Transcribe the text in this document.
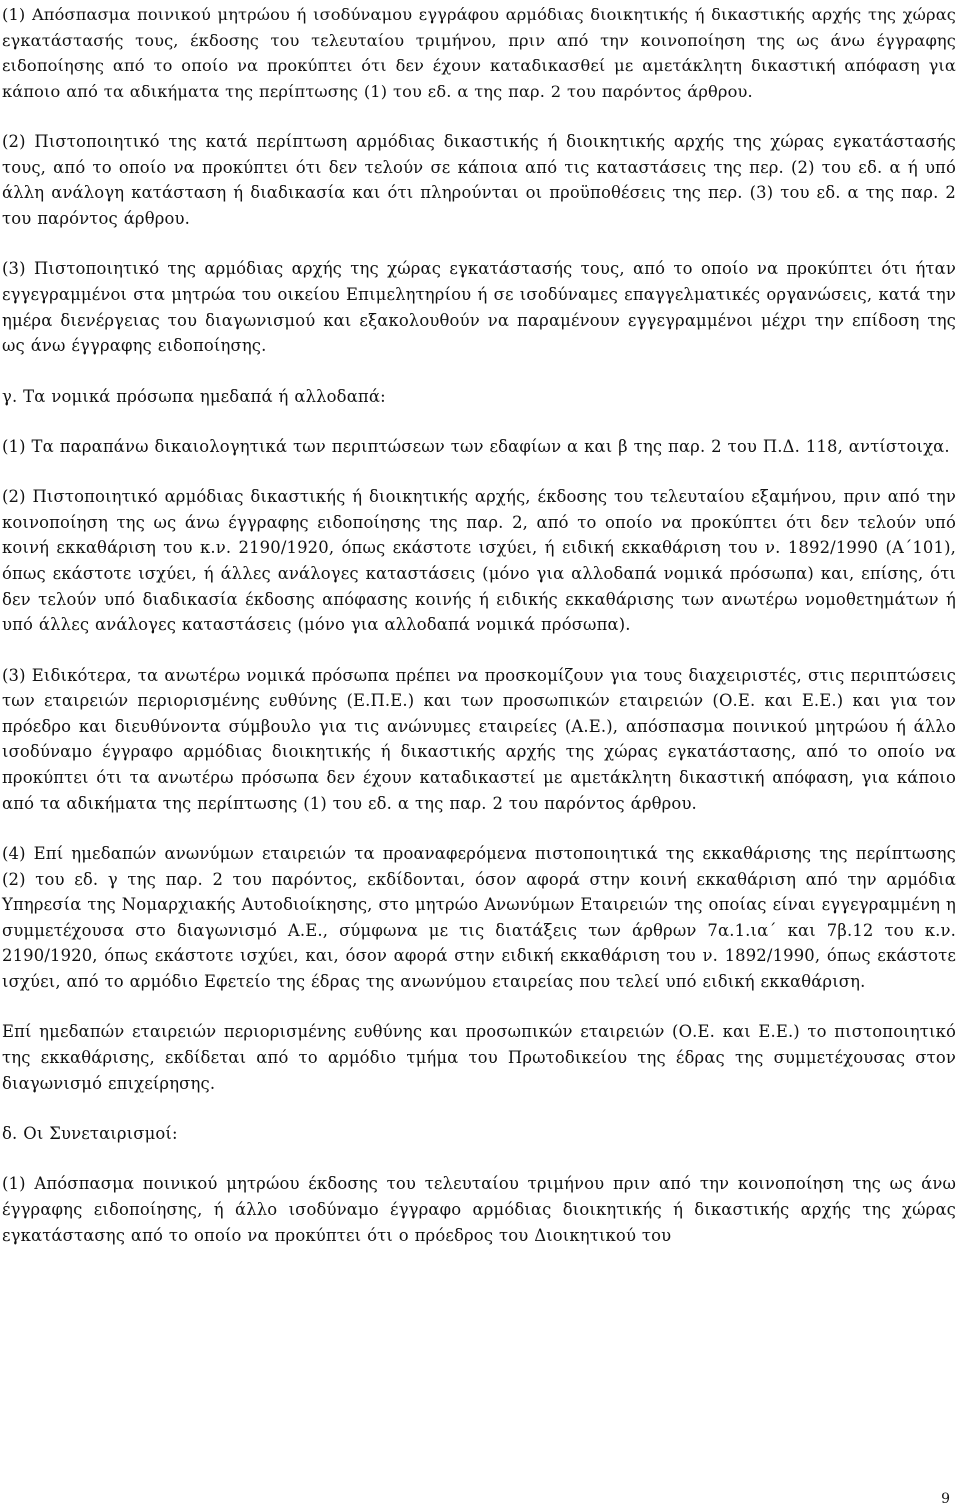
(1) Απόσπασμα ποινικού μητρώου ή ισοδύναμου εγγράφου αρμόδιας διοικητικής ή δικαστικής αρχής της χώρας εγκατάστασής τους, έκδοσης του τελευταίου τριμήνου, πριν από την κοινοποίηση της ως άνω έγγραφης ειδοποίησης από το οποίο να προκύπτει ότι δεν έχουν καταδικασθεί με αμετάκλητη δικαστική απόφαση για κάποιο από τα αδικήματα της περίπτωσης (1) του εδ. α της παρ. 2 του παρόντος άρθρου.

(2) Πιστοποιητικό της κατά περίπτωση αρμόδιας δικαστικής ή διοικητικής αρχής της χώρας εγκατάστασής τους, από το οποίο να προκύπτει ότι δεν τελούν σε κάποια από τις καταστάσεις της περ. (2) του εδ. α ή υπό άλλη ανάλογη κατάσταση ή διαδικασία και ότι πληρούνται οι προϋποθέσεις της περ. (3) του εδ. α της παρ. 2 του παρόντος άρθρου.

(3) Πιστοποιητικό της αρμόδιας αρχής της χώρας εγκατάστασής τους, από το οποίο να προκύπτει ότι ήταν εγγεγραμμένοι στα μητρώα του οικείου Επιμελητηρίου ή σε ισοδύναμες επαγγελματικές οργανώσεις, κατά την ημέρα διενέργειας του διαγωνισμού και εξακολουθούν να παραμένουν εγγεγραμμένοι μέχρι την επίδοση της ως άνω έγγραφης ειδοποίησης.

γ. Τα νομικά πρόσωπα ημεδαπά ή αλλοδαπά:

(1) Τα παραπάνω δικαιολογητικά των περιπτώσεων των εδαφίων α και β της παρ. 2 του Π.Δ. 118, αντίστοιχα.

(2) Πιστοποιητικό αρμόδιας δικαστικής ή διοικητικής αρχής, έκδοσης του τελευταίου εξαμήνου, πριν από την κοινοποίηση της ως άνω έγγραφης ειδοποίησης της παρ. 2, από το οποίο να προκύπτει ότι δεν τελούν υπό κοινή εκκαθάριση του κ.ν. 2190/1920, όπως εκάστοτε ισχύει, ή ειδική εκκαθάριση του ν. 1892/1990 (Α΄101), όπως εκάστοτε ισχύει, ή άλλες ανάλογες καταστάσεις (μόνο για αλλοδαπά νομικά πρόσωπα) και, επίσης, ότι δεν τελούν υπό διαδικασία έκδοσης απόφασης κοινής ή ειδικής εκκαθάρισης των ανωτέρω νομοθετημάτων ή υπό άλλες ανάλογες καταστάσεις (μόνο για αλλοδαπά νομικά πρόσωπα).

(3) Ειδικότερα, τα ανωτέρω νομικά πρόσωπα πρέπει να προσκομίζουν για τους διαχειριστές, στις περιπτώσεις των εταιρειών περιορισμένης ευθύνης (Ε.Π.Ε.) και των προσωπικών εταιρειών (Ο.Ε. και Ε.Ε.) και για τον πρόεδρο και διευθύνοντα σύμβουλο για τις ανώνυμες εταιρείες (Α.Ε.), απόσπασμα ποινικού μητρώου ή άλλο ισοδύναμο έγγραφο αρμόδιας διοικητικής ή δικαστικής αρχής της χώρας εγκατάστασης, από το οποίο να προκύπτει ότι τα ανωτέρω πρόσωπα δεν έχουν καταδικαστεί με αμετάκλητη δικαστική απόφαση, για κάποιο από τα αδικήματα της περίπτωσης (1) του εδ. α της παρ. 2 του παρόντος άρθρου.

(4) Επί ημεδαπών ανωνύμων εταιρειών τα προαναφερόμενα πιστοποιητικά της εκκαθάρισης της περίπτωσης (2) του εδ. γ της παρ. 2 του παρόντος, εκδίδονται, όσον αφορά στην κοινή εκκαθάριση από την αρμόδια Υπηρεσία της Νομαρχιακής Αυτοδιοίκησης, στο μητρώο Ανωνύμων Εταιρειών της οποίας είναι εγγεγραμμένη η συμμετέχουσα στο διαγωνισμό Α.Ε., σύμφωνα με τις διατάξεις των άρθρων 7α.1.ια΄ και 7β.12 του κ.ν. 2190/1920, όπως εκάστοτε ισχύει, και, όσον αφορά στην ειδική εκκαθάριση του ν. 1892/1990, όπως εκάστοτε ισχύει, από το αρμόδιο Εφετείο της έδρας της ανωνύμου εταιρείας που τελεί υπό ειδική εκκαθάριση.

Επί ημεδαπών εταιρειών περιορισμένης ευθύνης και προσωπικών εταιρειών (Ο.Ε. και Ε.Ε.) το πιστοποιητικό της εκκαθάρισης, εκδίδεται από το αρμόδιο τμήμα του Πρωτοδικείου της έδρας της συμμετέχουσας στον διαγωνισμό επιχείρησης.

δ. Οι Συνεταιρισμοί:

(1) Απόσπασμα ποινικού μητρώου έκδοσης του τελευταίου τριμήνου πριν από την κοινοποίηση της ως άνω έγγραφης ειδοποίησης, ή άλλο ισοδύναμο έγγραφο αρμόδιας διοικητικής ή δικαστικής αρχής της χώρας εγκατάστασης από το οποίο να προκύπτει ότι ο πρόεδρος του Διοικητικού του

9
